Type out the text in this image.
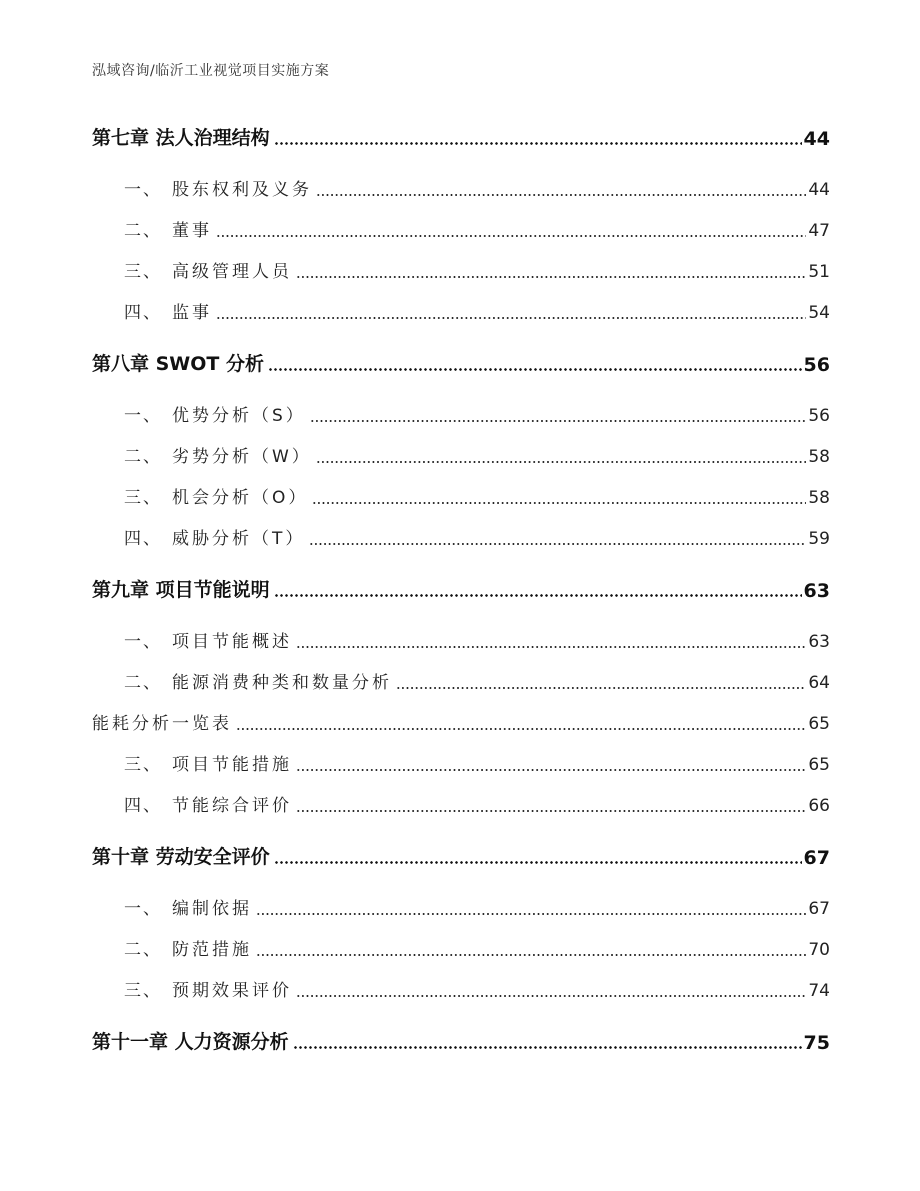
泓域咨询/临沂工业视觉项目实施方案
第七章 法人治理结构	44
一、 股东权利及义务	44
二、 董事	47
三、 高级管理人员	51
四、 监事	54
第八章 SWOT 分析	56
一、 优势分析（S）	56
二、 劣势分析（W）	58
三、 机会分析（O）	58
四、 威胁分析（T）	59
第九章 项目节能说明	63
一、 项目节能概述	63
二、 能源消费种类和数量分析	64
能耗分析一览表	65
三、 项目节能措施	65
四、 节能综合评价	66
第十章 劳动安全评价	67
一、 编制依据	67
二、 防范措施	70
三、 预期效果评价	74
第十一章 人力资源分析	75
